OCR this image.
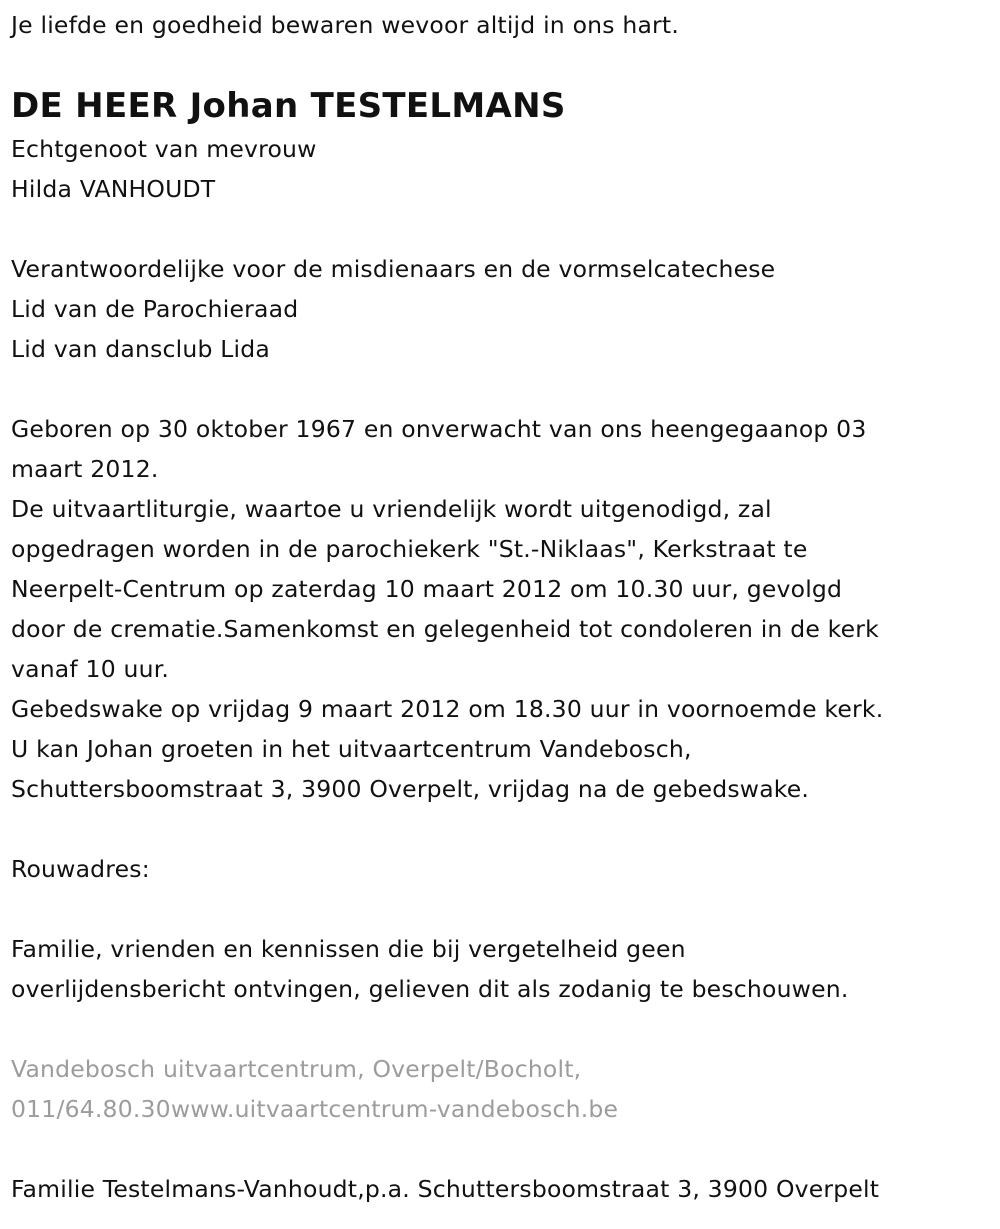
Je liefde en goedheid bewaren wevoor altijd in ons hart.
DE HEER Johan TESTELMANS
Echtgenoot van mevrouw
Hilda VANHOUDT
Verantwoordelijke voor de misdienaars en de vormselcatechese
Lid van de Parochieraad
Lid van dansclub Lida
Geboren op 30 oktober 1967 en onverwacht van ons heengegaanop 03
maart 2012.
De uitvaartliturgie, waartoe u vriendelijk wordt uitgenodigd, zal
opgedragen worden in de parochiekerk "St.-Niklaas", Kerkstraat te
Neerpelt-Centrum op zaterdag 10 maart 2012 om 10.30 uur, gevolgd
door de crematie.Samenkomst en gelegenheid tot condoleren in de kerk
vanaf 10 uur.
Gebedswake op vrijdag 9 maart 2012 om 18.30 uur in voornoemde kerk.
U kan Johan groeten in het uitvaartcentrum Vandebosch,
Schuttersboomstraat 3, 3900 Overpelt, vrijdag na de gebedswake.
Rouwadres:
Familie, vrienden en kennissen die bij vergetelheid geen
overlijdensbericht ontvingen, gelieven dit als zodanig te beschouwen.
Vandebosch uitvaartcentrum, Overpelt/Bocholt,
011/64.80.30www.uitvaartcentrum-vandebosch.be
Familie Testelmans-Vanhoudt,p.a. Schuttersboomstraat 3, 3900 Overpelt
